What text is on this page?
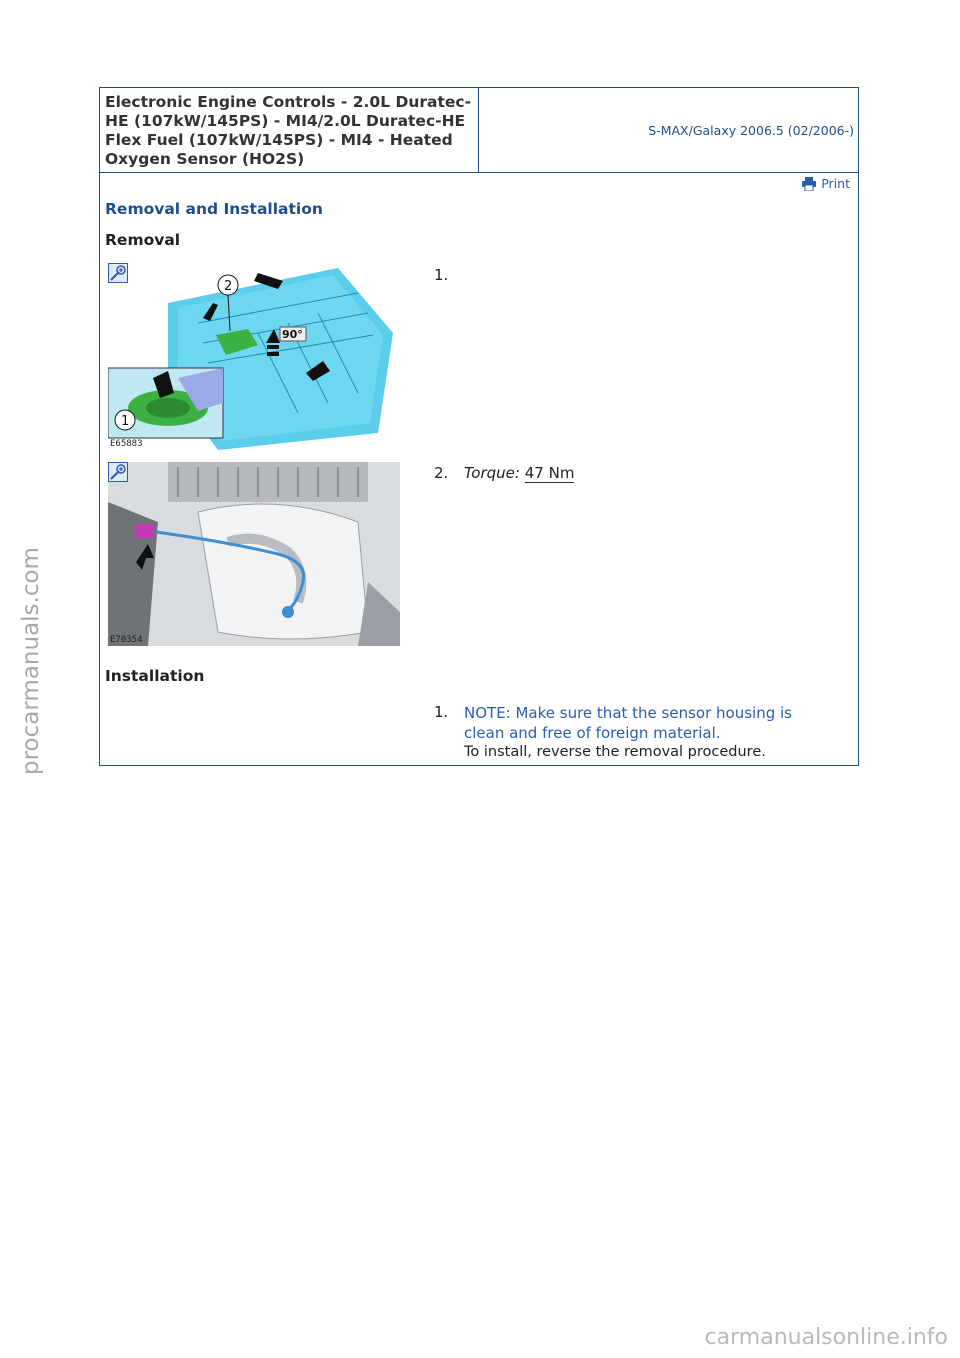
Electronic Engine Controls - 2.0L Duratec-HE (107kW/145PS) - MI4/2.0L Duratec-HE Flex Fuel (107kW/145PS) - MI4 - Heated Oxygen Sensor (HO2S)
S-MAX/Galaxy 2006.5 (02/2006-)
Print
Removal and Installation
Removal
2
90°
1
E65883
1.
E70354
2. Torque: 47 Nm
Installation
1. NOTE: Make sure that the sensor housing is clean and free of foreign material.
To install, reverse the removal procedure.
procarmanuals.com
carmanualsonline.info
